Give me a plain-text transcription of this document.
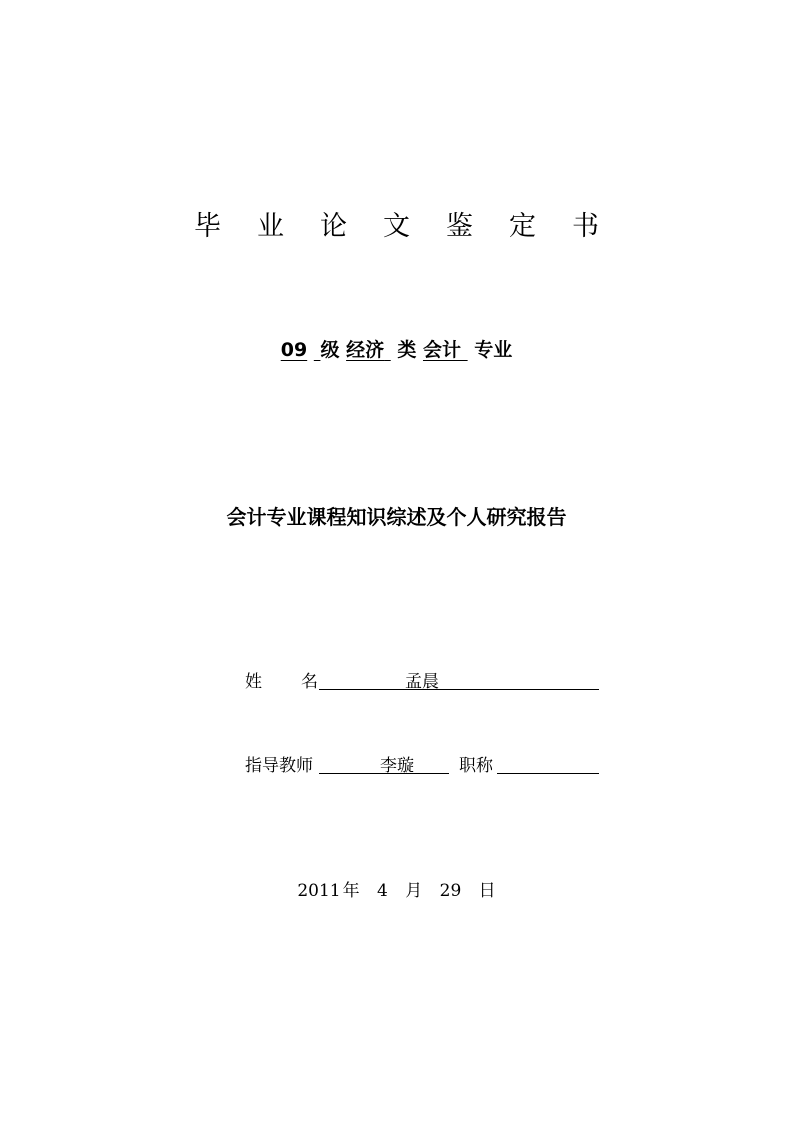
毕 业 论 文 鉴 定 书
09 级 经济 类 会计 专业
会计专业课程知识综述及个人研究报告
姓 名	孟晨
指导教师	李璇	职称
2011 年 4 月 29 日
